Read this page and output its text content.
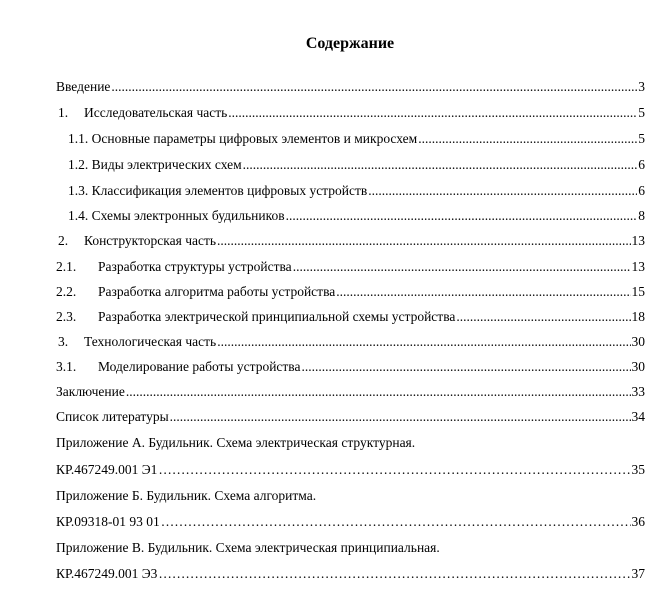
Содержание
Введение .....	3
1. Исследовательская часть .....	5
1.1. Основные параметры цифровых элементов и микросхем .....	5
1.2. Виды электрических схем .....	6
1.3. Классификация элементов цифровых устройств .....	6
1.4. Схемы электронных будильников .....	8
2. Конструкторская часть .....	13
2.1. Разработка структуры устройства .....	13
2.2. Разработка алгоритма работы устройства .....	15
2.3. Разработка электрической принципиальной схемы устройства .....	18
3. Технологическая часть .....	30
3.1. Моделирование работы устройства .....	30
Заключение .....	33
Список литературы .....	34
Приложение А. Будильник. Схема электрическая структурная.
КР.467249.001 Э1 ………………………………………………………………………………………………………………………………………………………………………………	35
Приложение Б. Будильник. Схема алгоритма.
КР.09318-01 93 01 ………………………………………………………………………………………………………………………………………………………………………………	36
Приложение В. Будильник. Схема электрическая принципиальная.
КР.467249.001 Э3 ………………………………………………………………………………………………………………………………………………………………………………	37
